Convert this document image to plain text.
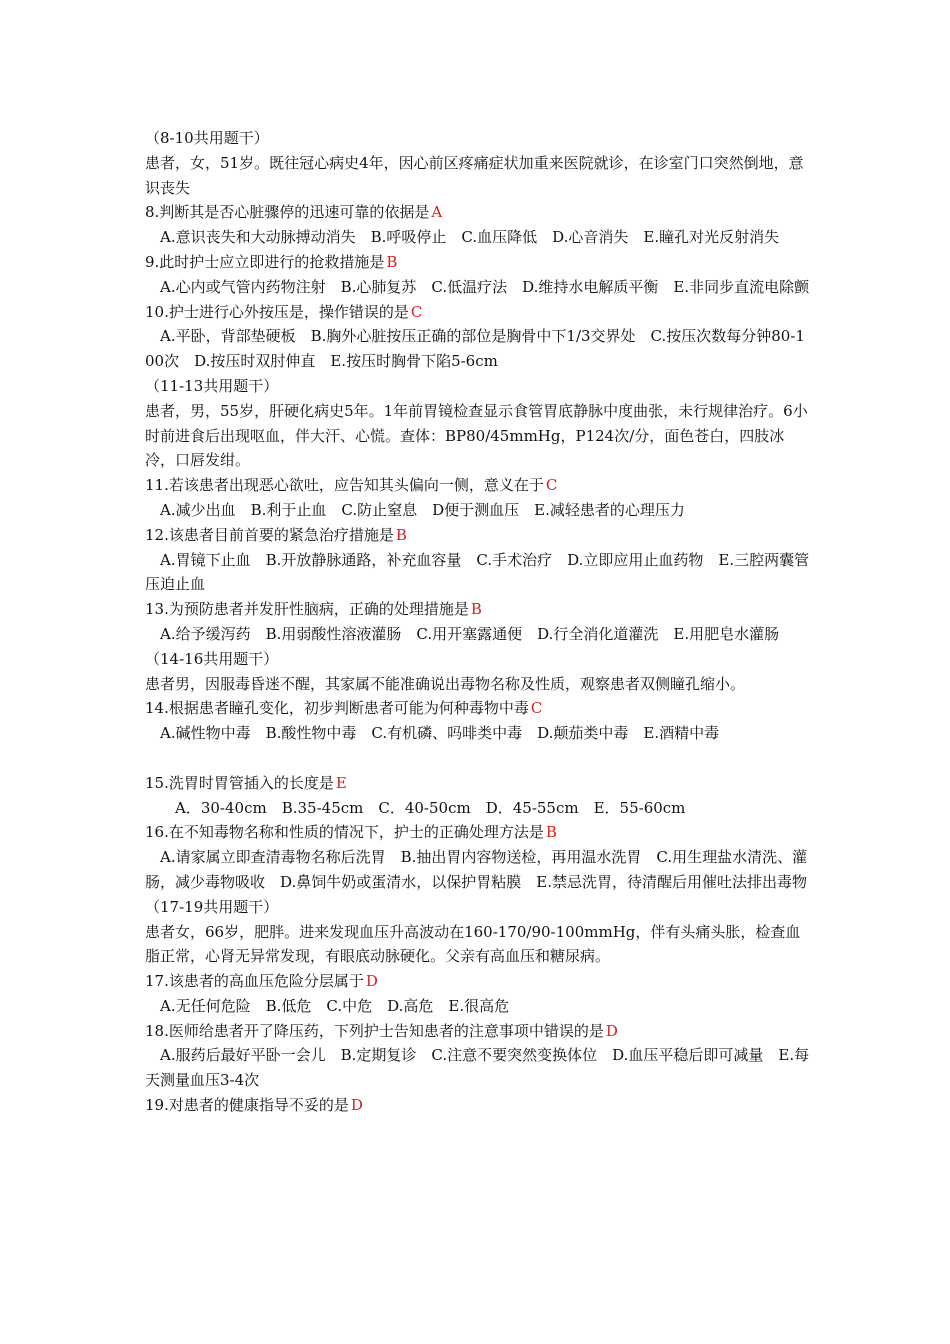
（8-10共用题干）

患者，女，51岁。既往冠心病史4年，因心前区疼痛症状加重来医院就诊，在诊室门口突然倒地，意识丧失

8.判断其是否心脏骤停的迅速可靠的依据是 A

A.意识丧失和大动脉搏动消失　B.呼吸停止　C.血压降低　D.心音消失　E.瞳孔对光反射消失

9.此时护士应立即进行的抢救措施是 B

A.心内或气管内药物注射　B.心肺复苏　C.低温疗法　D.维持水电解质平衡　E.非同步直流电除颤

10.护士进行心外按压是，操作错误的是 C

A.平卧，背部垫硬板　B.胸外心脏按压正确的部位是胸骨中下1/3交界处　C.按压次数每分钟80-100次　D.按压时双肘伸直　E.按压时胸骨下陷5-6cm

（11-13共用题干）

患者，男，55岁，肝硬化病史5年。1年前胃镜检查显示食管胃底静脉中度曲张，未行规律治疗。6小时前进食后出现呕血，伴大汗、心慌。查体：BP80/45mmHg，P124次/分，面色苍白，四肢冰冷，口唇发绀。

11.若该患者出现恶心欲吐，应告知其头偏向一侧，意义在于 C

A.减少出血　B.利于止血　C.防止窒息　D便于测血压　E.减轻患者的心理压力

12.该患者目前首要的紧急治疗措施是 B

A.胃镜下止血　B.开放静脉通路，补充血容量　C.手术治疗　D.立即应用止血药物　E.三腔两囊管压迫止血

13.为预防患者并发肝性脑病，正确的处理措施是 B

A.给予缓泻药　B.用弱酸性溶液灌肠　C.用开塞露通便　D.行全消化道灌洗　E.用肥皂水灌肠

（14-16共用题干）

患者男，因服毒昏迷不醒，其家属不能准确说出毒物名称及性质，观察患者双侧瞳孔缩小。

14.根据患者瞳孔变化，初步判断患者可能为何种毒物中毒 C

A.碱性物中毒　B.酸性物中毒　C.有机磷、吗啡类中毒　D.颠茄类中毒　E.酒精中毒

15.洗胃时胃管插入的长度是 E

A．30-40cm　B.35-45cm　C．40-50cm　D．45-55cm　E．55-60cm

16.在不知毒物名称和性质的情况下，护士的正确处理方法是 B

A.请家属立即查清毒物名称后洗胃　B.抽出胃内容物送检，再用温水洗胃　C.用生理盐水清洗、灌肠，减少毒物吸收　D.鼻饲牛奶或蛋清水，以保护胃粘膜　E.禁忌洗胃，待清醒后用催吐法排出毒物

（17-19共用题干）

患者女，66岁，肥胖。进来发现血压升高波动在160-170/90-100mmHg，伴有头痛头胀，检查血脂正常，心肾无异常发现，有眼底动脉硬化。父亲有高血压和糖尿病。

17.该患者的高血压危险分层属于 D

A.无任何危险　B.低危　C.中危　D.高危　E.很高危

18.医师给患者开了降压药，下列护士告知患者的注意事项中错误的是 D

A.服药后最好平卧一会儿　B.定期复诊　C.注意不要突然变换体位　D.血压平稳后即可减量　E.每天测量血压3-4次

19.对患者的健康指导不妥的是 D
